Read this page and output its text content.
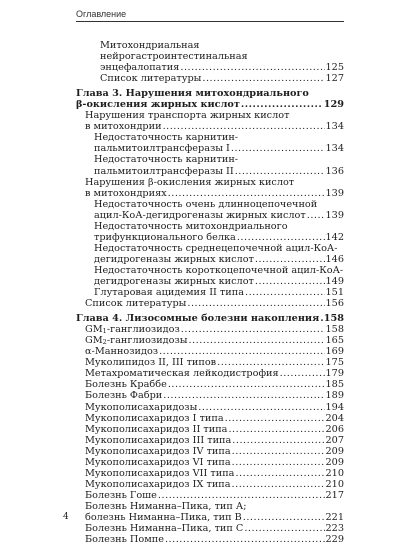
Оглавление
Митохондриальная нейрогастроинтестинальная
энцефалопатия .....	125
Список литературы .....	127
Глава 3. Нарушения митохондриального
β-окисления жирных кислот .....	129
Нарушения транспорта жирных кислот
в митохондрии .....	134
Недостаточность карнитин-
пальмитоилтрансферазы I .....	134
Недостаточность карнитин-
пальмитоилтрансферазы II .....	136
Нарушения β-окисления жирных кислот
в митохондриях .....	139
Недостаточность очень длинноцепочечной
ацил-КоА-дегидрогеназы жирных кислот ..... 139
Недостаточность митохондриального
трифункционального белка .....	142
Недостаточность среднецепочечной ацил-КоА-
дегидрогеназы жирных кислот .....	146
Недостаточность короткоцепочечной ацил-КоА-
дегидрогеназы жирных кислот .....	149
Глутаровая ацидемия II типа .....	151
Список литературы .....	156
Глава 4. Лизосомные болезни накопления ..... 158
$GM_1$-ганглиозидоз .....	158
$GM_2$-ганглиозидозы .....	165
α-Маннозидоз .....	169
Муколипидоз II, III типов .....	175
Метахроматическая лейкодистрофия .....	179
Болезнь Краббе .....	185
Болезнь Фабри .....	189
Мукополисахаридозы .....	194
Мукополисахаридоз I типа .....	204
Мукополисахаридоз II типа .....	206
Мукополисахаридоз III типа .....	207
Мукополисахаридоз IV типа .....	209
Мукополисахаридоз VI типа .....	209
Мукополисахаридоз VII типа .....	210
Мукополисахаридоз IX типа .....	210
Болезнь Гоше .....	217
Болезнь Ниманна–Пика, тип А;
болезнь Ниманна–Пика, тип В .....	221
Болезнь Ниманна–Пика, тип С .....	223
Болезнь Помпе .....	229
4
